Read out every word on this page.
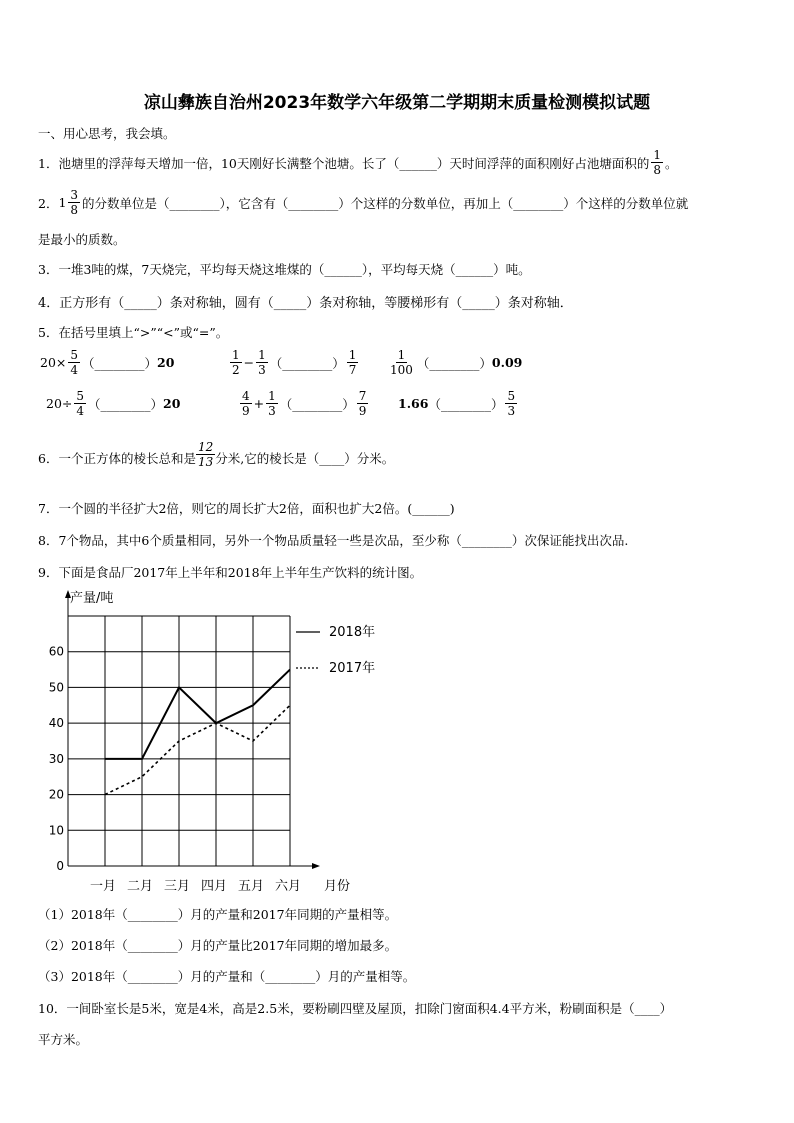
凉山彝族自治州2023年数学六年级第二学期期末质量检测模拟试题
一、用心思考，我会填。
1．池塘里的浮萍每天增加一倍，10天刚好长满整个池塘。长了（______）天时间浮萍的面积刚好占池塘面积的 $\frac{1}{8}$ 。
2． $1 \frac{3}{8}$ 的分数单位是（________），它含有（________）个这样的分数单位，再加上（________）个这样的分数单位就
是最小的质数。
3．一堆3吨的煤，7天烧完，平均每天烧这堆煤的（______），平均每天烧（______）吨。
4．正方形有（_____）条对称轴，圆有（_____）条对称轴，等腰梯形有（_____）条对称轴．
5．在括号里填上“>”“<”或“=”。
$20\times \frac{5}{4}$ （________） 20	$\frac{1}{2} - \frac{1}{3}$ （________） $\frac{1}{7} \frac{1}{100}$ （________） 0.09
$20\div \frac{5}{4}$ （________） 20	$\frac{4}{9} + \frac{1}{3}$ （________） $\frac{7}{9} 1.66$ （________） $\frac{5}{3}$
6．一个正方体的棱长总和是 $\frac{12}{13}$ 分米,它的棱长是（____）分米。
7．一个圆的半径扩大2倍，则它的周长扩大2倍，面积也扩大2倍。(______)
8．7个物品，其中6个质量相同，另外一个物品质量轻一些是次品，至少称（________）次保证能找出次品.
9．下面是食品厂2017年上半年和2018年上半年生产饮料的统计图。
产量/吨
月份
0
10
20
30
40
50
60
一月 二月 三月 四月 五月 六月
2018年
2017年
（1）2018年（________）月的产量和2017年同期的产量相等。
（2）2018年（________）月的产量比2017年同期的增加最多。
（3）2018年（________）月的产量和（________）月的产量相等。
10．一间卧室长是5米，宽是4米，高是2.5米，要粉刷四壁及屋顶，扣除门窗面积4.4平方米，粉刷面积是（____）
平方米。
